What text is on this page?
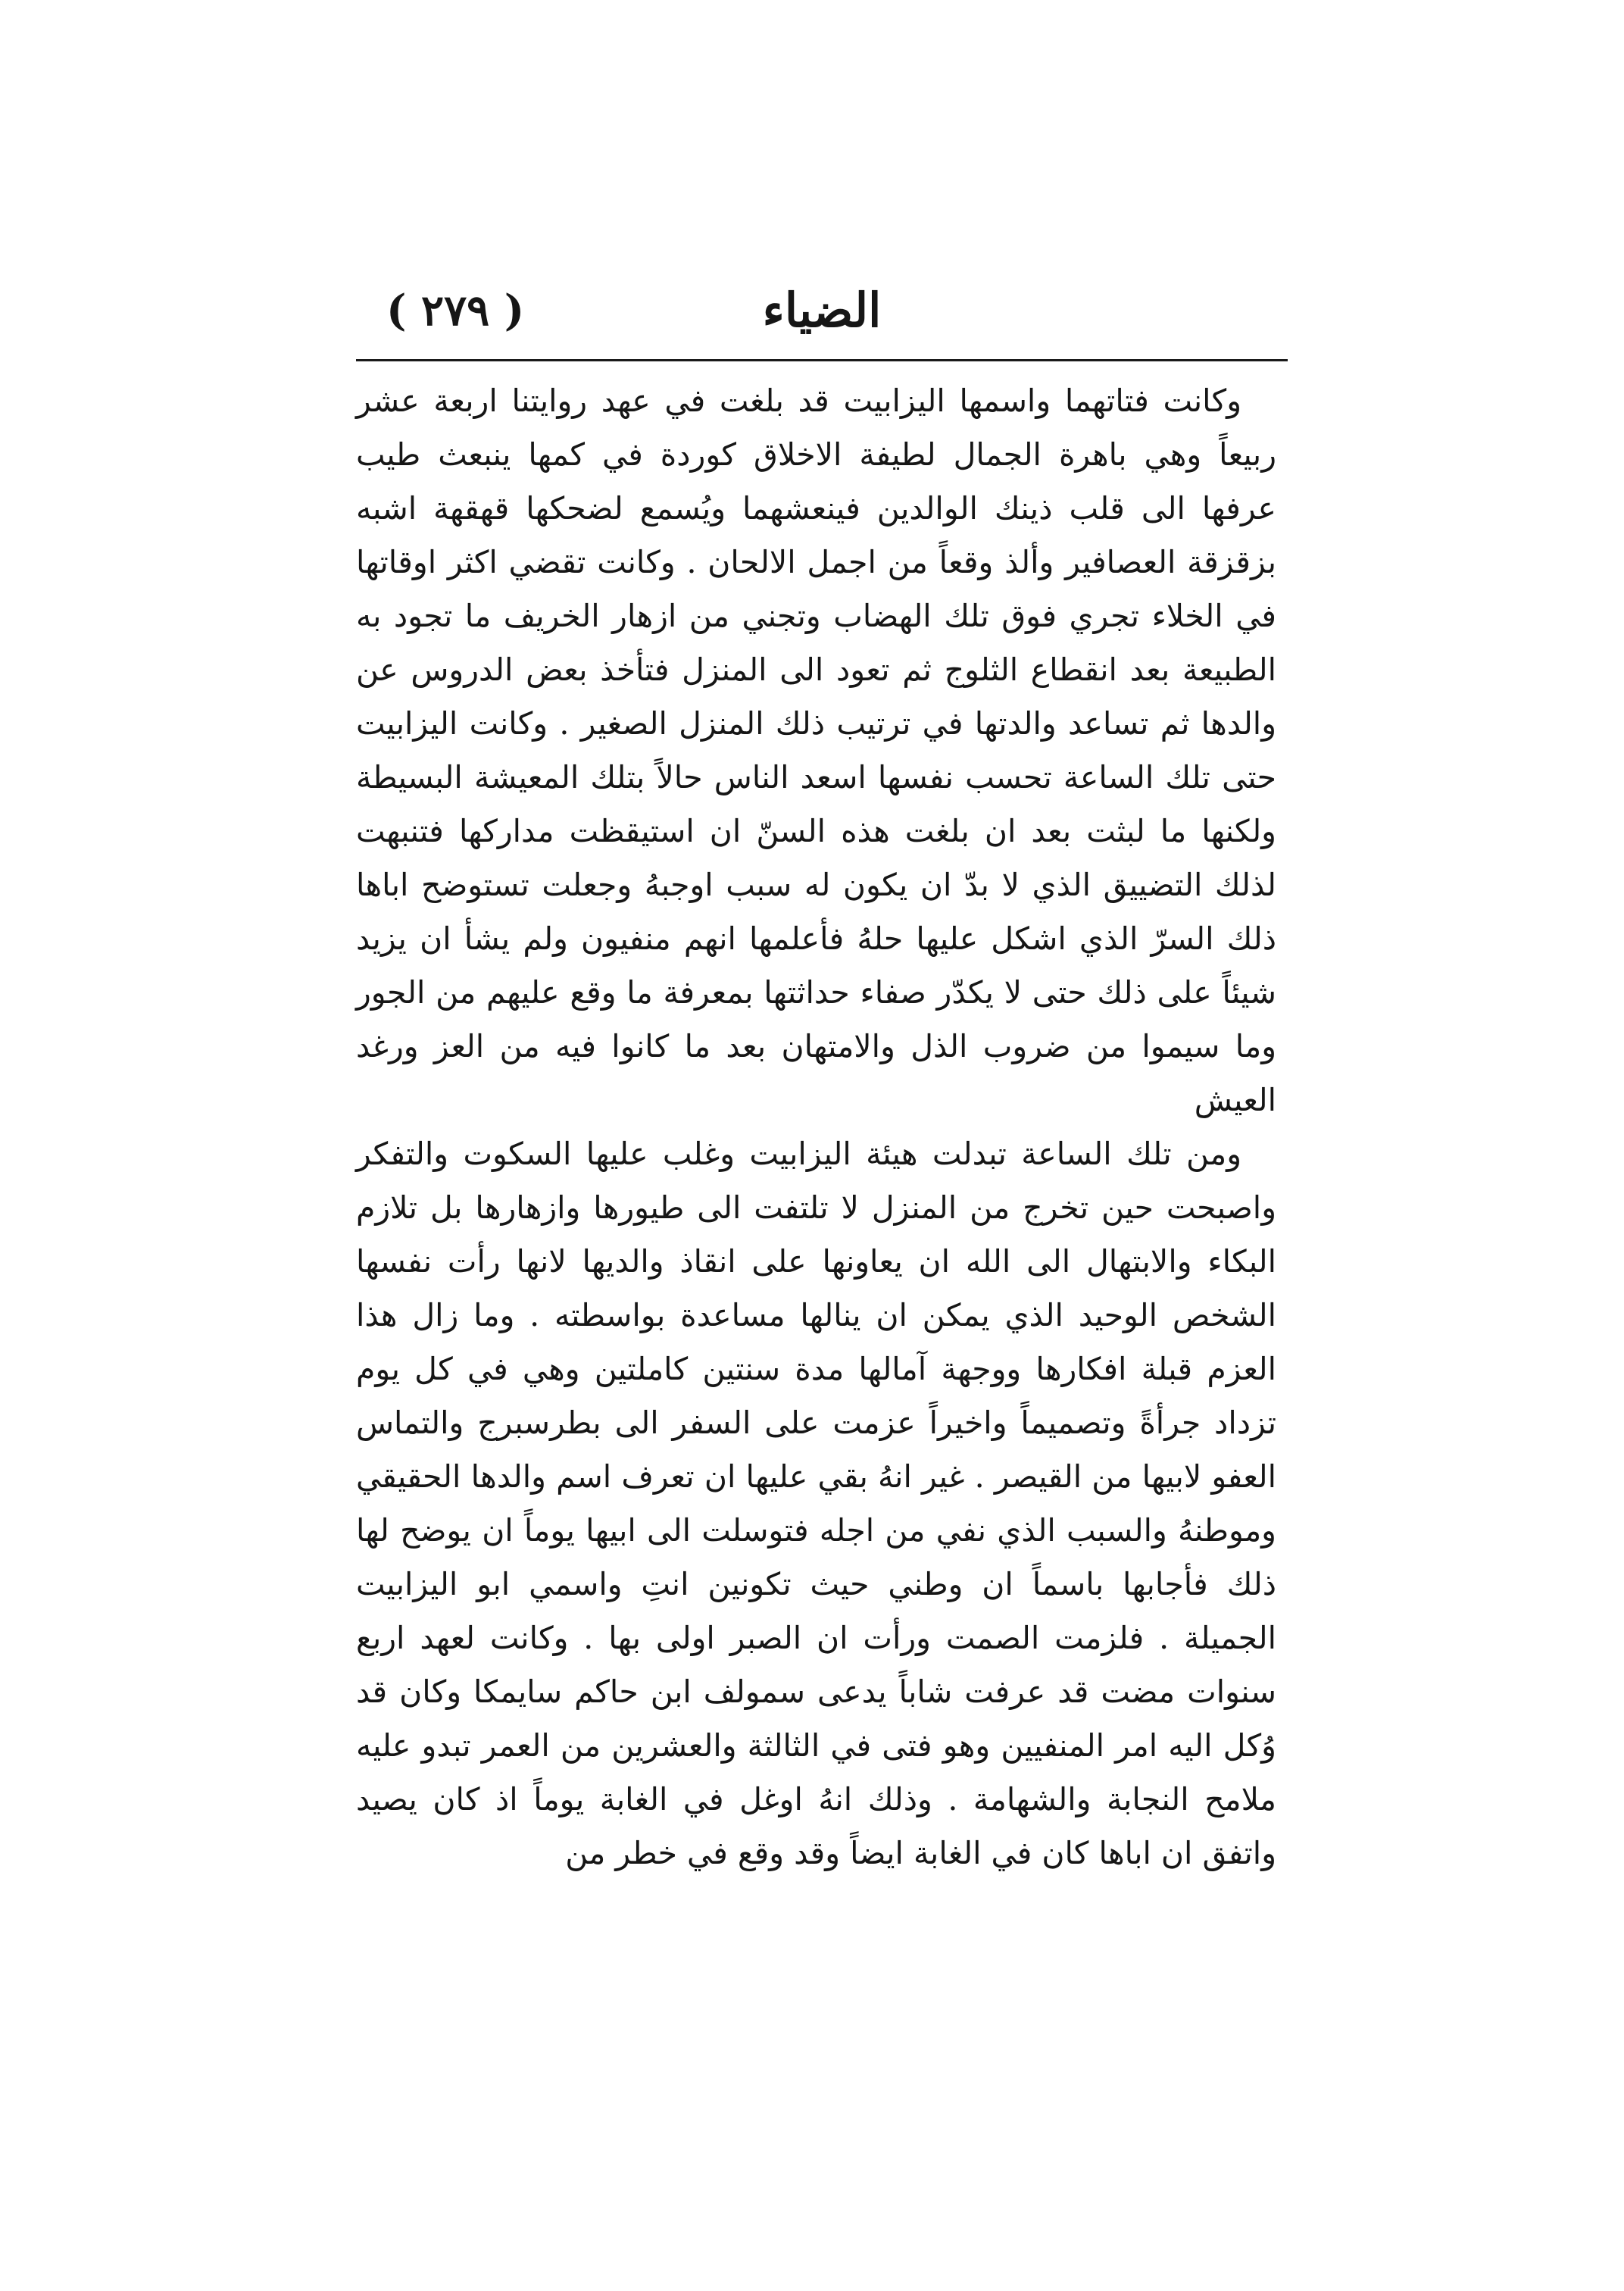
الضياء
( ٢٧٩ )

وكانت فتاتهما واسمها اليزابيت قد بلغت في عهد روايتنا اربعة عشر ربيعاً وهي باهرة الجمال لطيفة الاخلاق كوردة في كمها ينبعث طيب عرفها الى قلب ذينك الوالدين فينعشهما ويُسمع لضحكها قهقهة اشبه بزقزقة العصافير وألذ وقعاً من اجمل الالحان . وكانت تقضي اكثر اوقاتها في الخلاء تجري فوق تلك الهضاب وتجني من ازهار الخريف ما تجود به الطبيعة بعد انقطاع الثلوج ثم تعود الى المنزل فتأخذ بعض الدروس عن والدها ثم تساعد والدتها في ترتيب ذلك المنزل الصغير . وكانت اليزابيت حتى تلك الساعة تحسب نفسها اسعد الناس حالاً بتلك المعيشة البسيطة ولكنها ما لبثت بعد ان بلغت هذه السنّ ان استيقظت مداركها فتنبهت لذلك التضييق الذي لا بدّ ان يكون له سبب اوجبهُ وجعلت تستوضح اباها ذلك السرّ الذي اشكل عليها حلهُ فأعلمها انهم منفيون ولم يشأ ان يزيد شيئاً على ذلك حتى لا يكدّر صفاء حداثتها بمعرفة ما وقع عليهم من الجور وما سيموا من ضروب الذل والامتهان بعد ما كانوا فيه من العز ورغد العيش

ومن تلك الساعة تبدلت هيئة اليزابيت وغلب عليها السكوت والتفكر واصبحت حين تخرج من المنزل لا تلتفت الى طيورها وازهارها بل تلازم البكاء والابتهال الى الله ان يعاونها على انقاذ والديها لانها رأت نفسها الشخص الوحيد الذي يمكن ان ينالها مساعدة بواسطته . وما زال هذا العزم قبلة افكارها ووجهة آمالها مدة سنتين كاملتين وهي في كل يوم تزداد جرأةً وتصميماً واخيراً عزمت على السفر الى بطرسبرج والتماس العفو لابيها من القيصر . غير انهُ بقي عليها ان تعرف اسم والدها الحقيقي وموطنهُ والسبب الذي نفي من اجله فتوسلت الى ابيها يوماً ان يوضح لها ذلك فأجابها باسماً ان وطني حيث تكونين انتِ واسمي ابو اليزابيت الجميلة . فلزمت الصمت ورأت ان الصبر اولى بها . وكانت لعهد اربع سنوات مضت قد عرفت شاباً يدعى سمولف ابن حاكم سايمكا وكان قد وُكل اليه امر المنفيين وهو فتى في الثالثة والعشرين من العمر تبدو عليه ملامح النجابة والشهامة . وذلك انهُ اوغل في الغابة يوماً اذ كان يصيد واتفق ان اباها كان في الغابة ايضاً وقد وقع في خطر من
